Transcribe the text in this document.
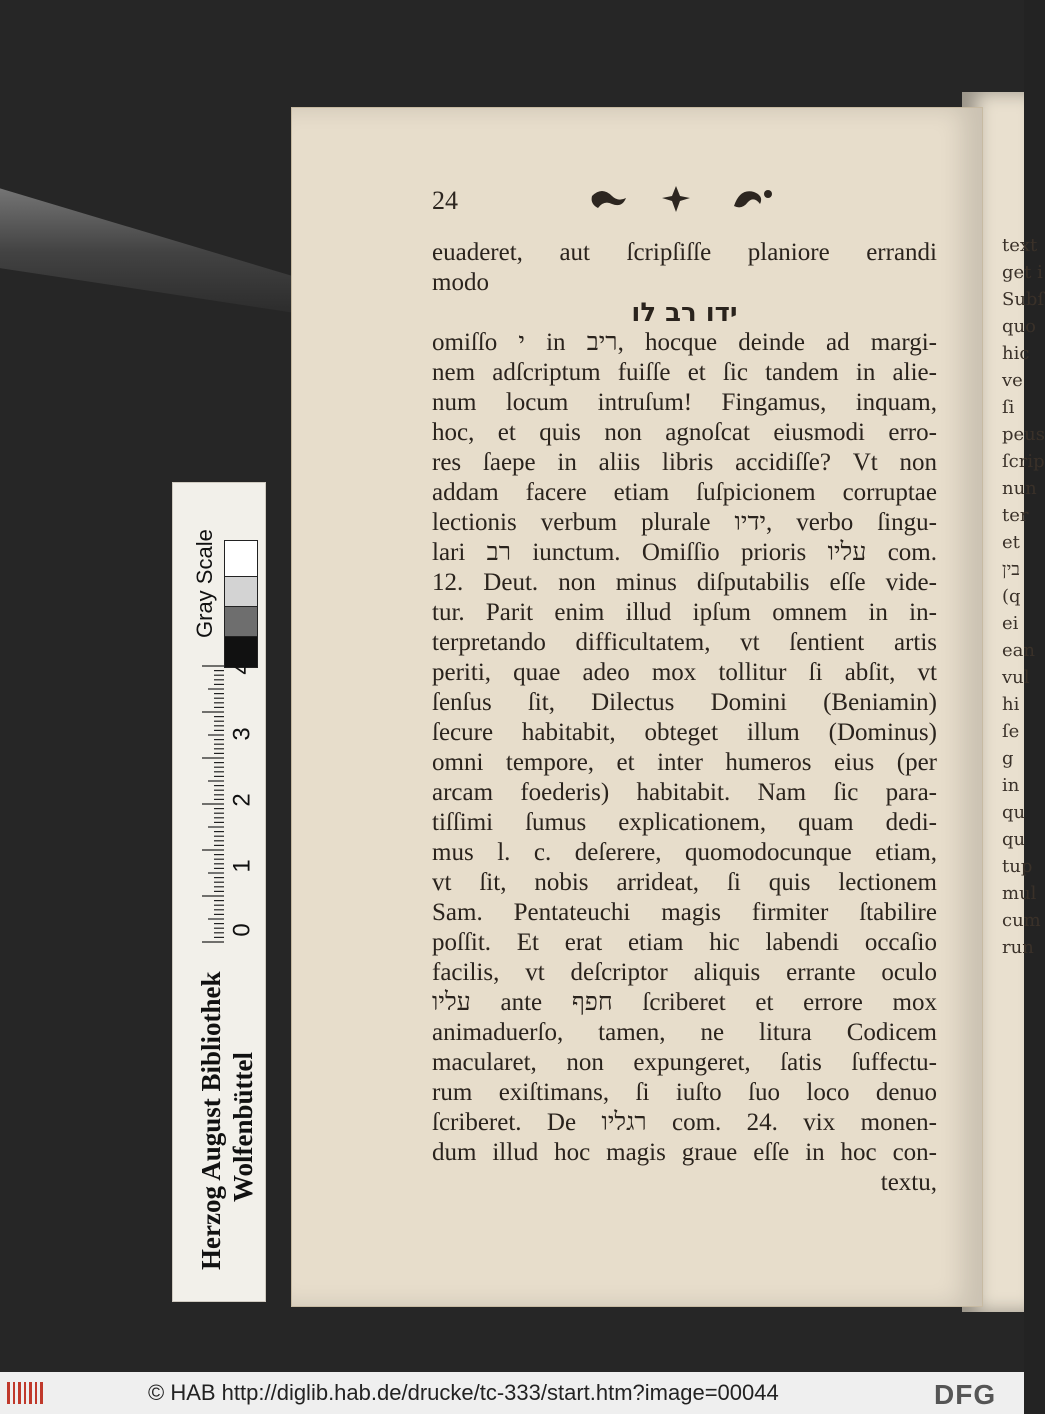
text
get i
Subſ
quo
hic
ve
ſi
peus
ſcrip
nun
ter
et
בין
(q
ei
ean
vul
hi
ſe
g
in
qu
qu
tup
mul
cum
run
24
euaderet, aut ſcripſiſſe planiore errandi
modo
ידו רב לו
omiſſo י in ריב, hocque deinde ad margi-
nem adſcriptum fuiſſe et ſic tandem in alie-
num locum intruſum! Fingamus, inquam,
hoc, et quis non agnoſcat eiusmodi erro-
res ſaepe in aliis libris accidiſſe? Vt non
addam facere etiam ſuſpicionem corruptae
lectionis verbum plurale ידיו, verbo ſingu-
lari רב iunctum. Omiſſio prioris עליו com.
12. Deut. non minus diſputabilis eſſe vide-
tur. Parit enim illud ipſum omnem in in-
terpretando difficultatem, vt ſentient artis
periti, quae adeo mox tollitur ſi abſit, vt
ſenſus ſit, Dilectus Domini (Beniamin)
ſecure habitabit, obteget illum (Dominus)
omni tempore, et inter humeros eius (per
arcam foederis) habitabit. Nam ſic para-
tiſſimi ſumus explicationem, quam dedi-
mus l. c. deſerere, quomodocunque etiam,
vt ſit, nobis arrideat, ſi quis lectionem
Sam. Pentateuchi magis firmiter ſtabilire
poſſit. Et erat etiam hic labendi occaſio
facilis, vt deſcriptor aliquis errante oculo
עליו ante חפף ſcriberet et errore mox
animaduerſo, tamen, ne litura Codicem
macularet, non expungeret, ſatis ſuffectu-
rum exiſtimans, ſi iuſto ſuo loco denuo
ſcriberet. De רגליו com. 24. vix monen-
dum illud hoc magis graue eſſe in hoc con-
textu,
Herzog August Bibliothek Wolfenbüttel
Gray Scale
0
1
2
3
4
© HAB http://diglib.hab.de/drucke/tc-333/start.htm?image=00044	DFG
